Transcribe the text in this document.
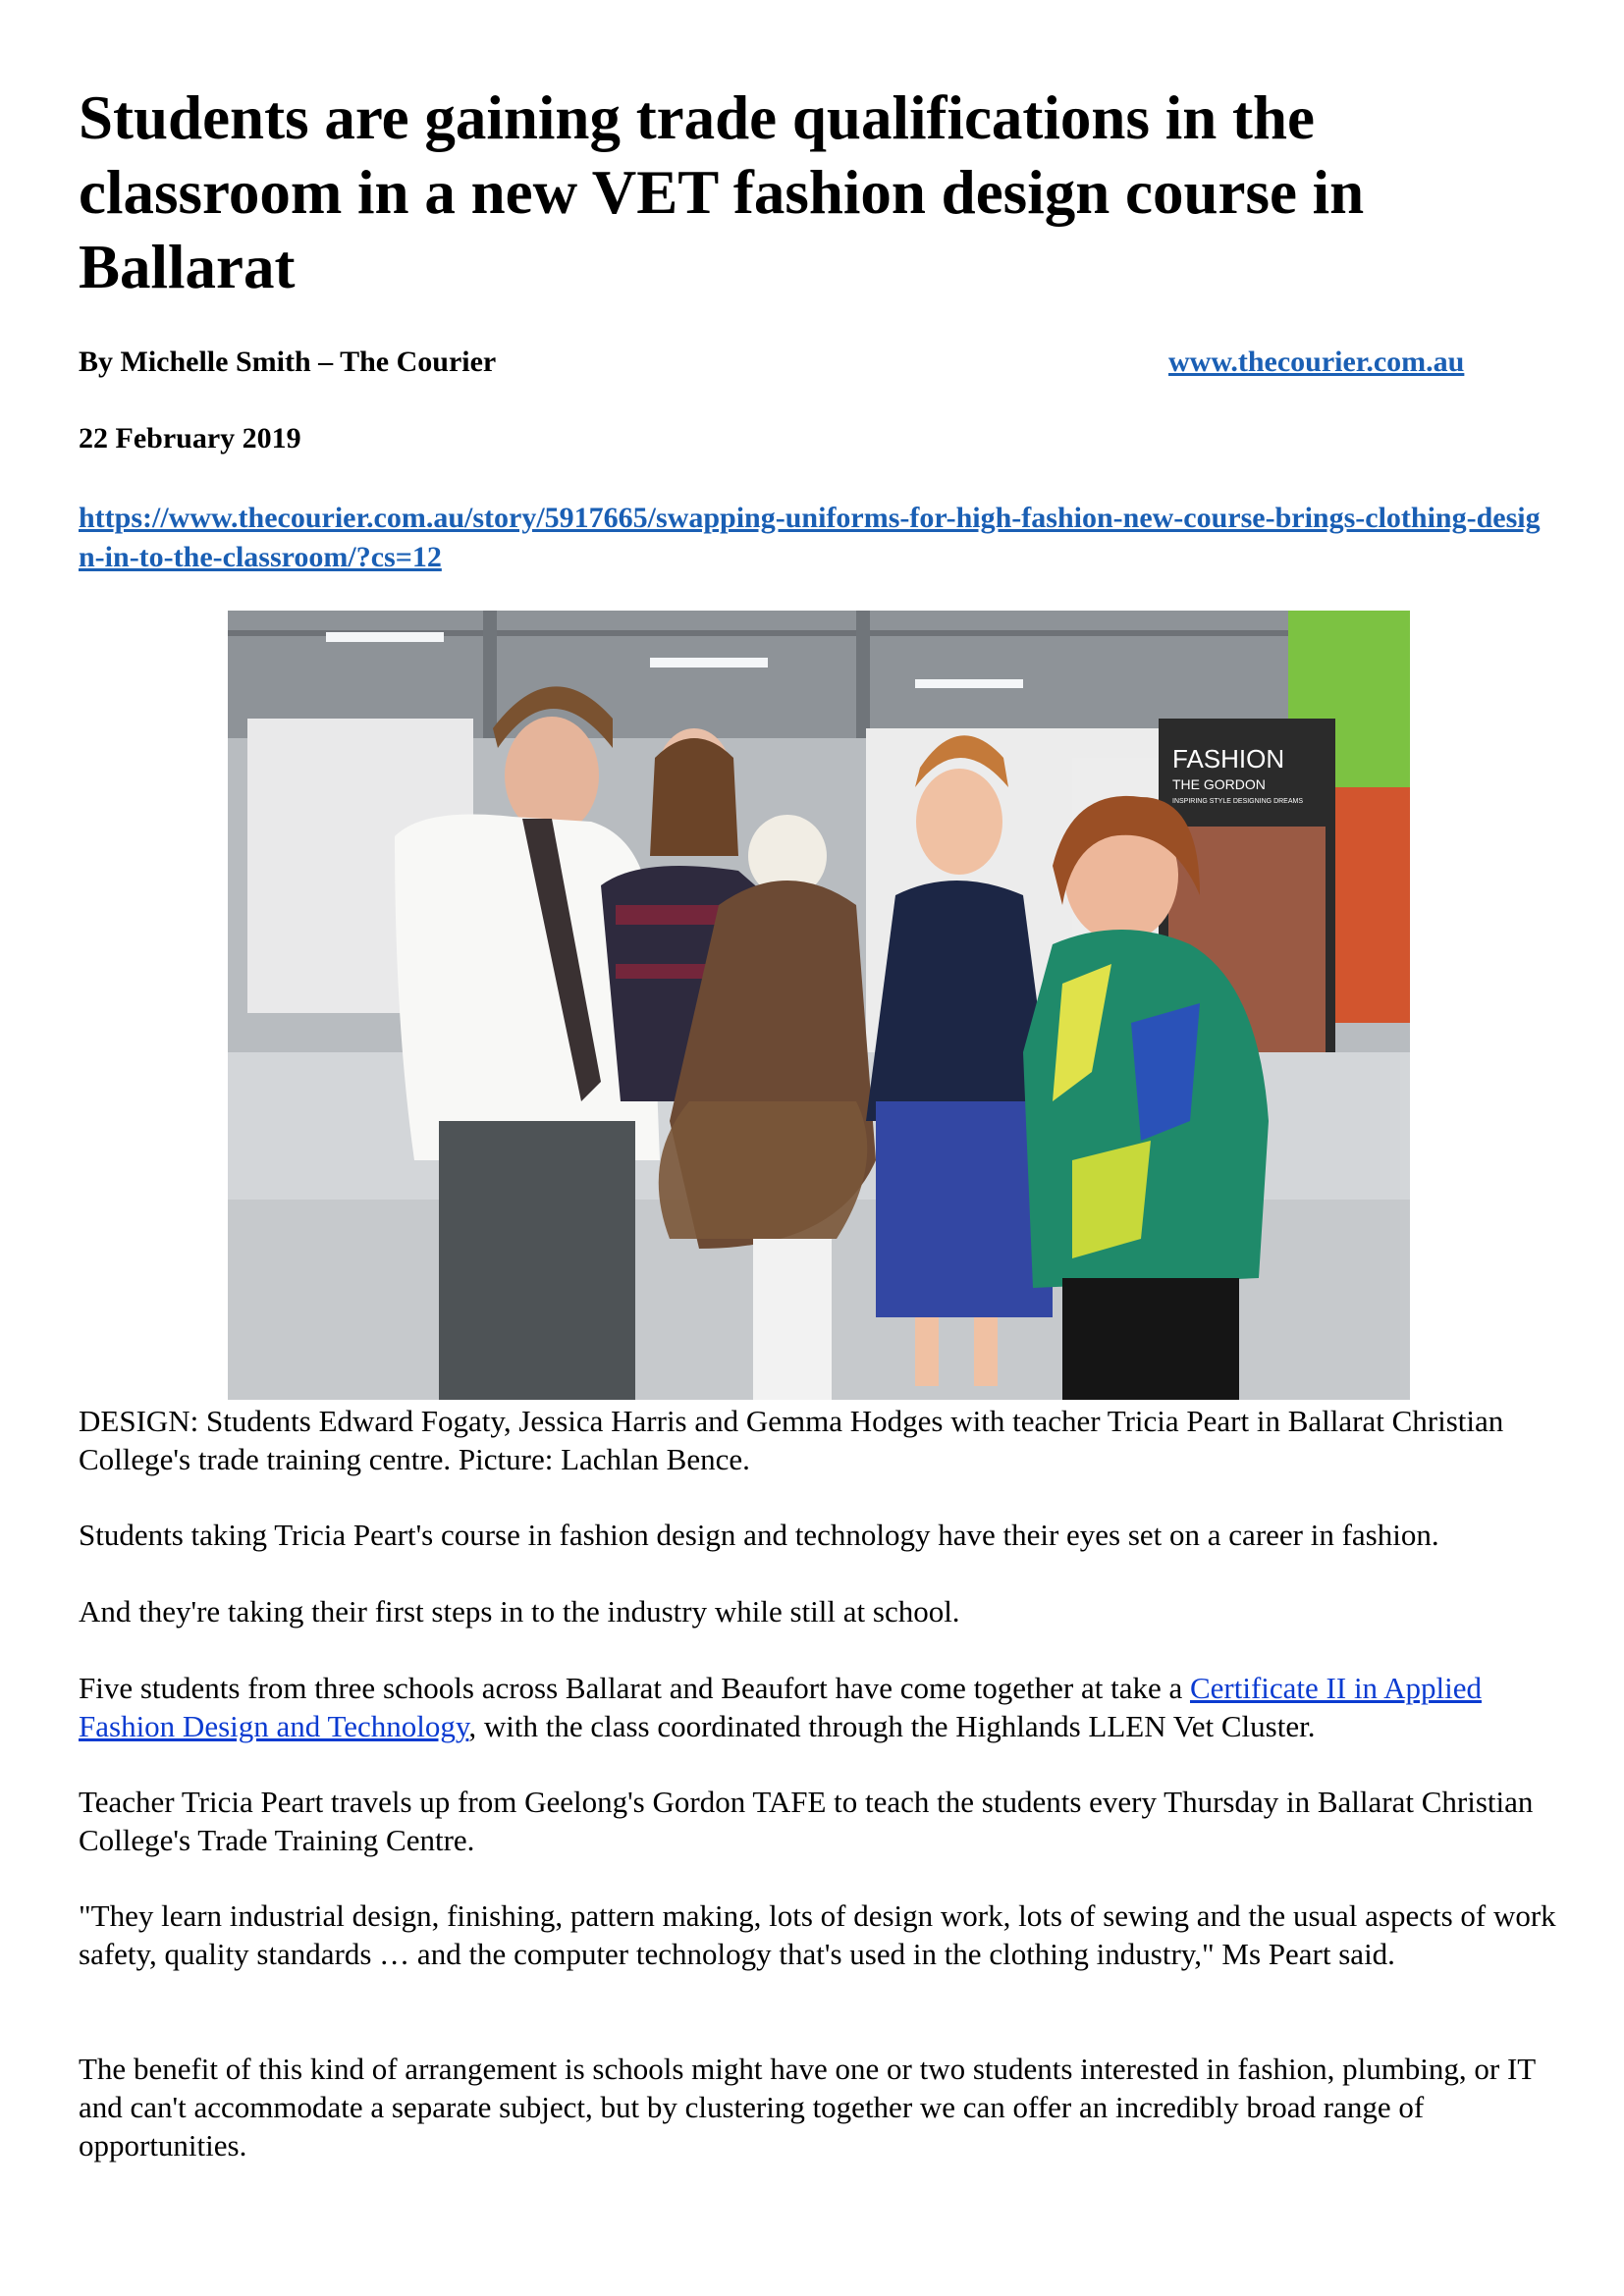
Students are gaining trade qualifications in the classroom in a new VET fashion design course in Ballarat
By Michelle Smith – The Courier	www.thecourier.com.au
22 February 2019
https://www.thecourier.com.au/story/5917665/swapping-uniforms-for-high-fashion-new-course-brings-clothing-design-in-to-the-classroom/?cs=12
FASHION
THE GORDON
INSPIRING STYLE DESIGNING DREAMS

DESIGN: Students Edward Fogaty, Jessica Harris and Gemma Hodges with teacher Tricia Peart in Ballarat Christian College's trade training centre. Picture: Lachlan Bence.

Students taking Tricia Peart's course in fashion design and technology have their eyes set on a career in fashion.

And they're taking their first steps in to the industry while still at school.

Five students from three schools across Ballarat and Beaufort have come together at take a Certificate II in Applied Fashion Design and Technology, with the class coordinated through the Highlands LLEN Vet Cluster.

Teacher Tricia Peart travels up from Geelong's Gordon TAFE to teach the students every Thursday in Ballarat Christian College's Trade Training Centre.

"They learn industrial design, finishing, pattern making, lots of design work, lots of sewing and the usual aspects of work safety, quality standards … and the computer technology that's used in the clothing industry," Ms Peart said.

The benefit of this kind of arrangement is schools might have one or two students interested in fashion, plumbing, or IT and can't accommodate a separate subject, but by clustering together we can offer an incredibly broad range of opportunities.
